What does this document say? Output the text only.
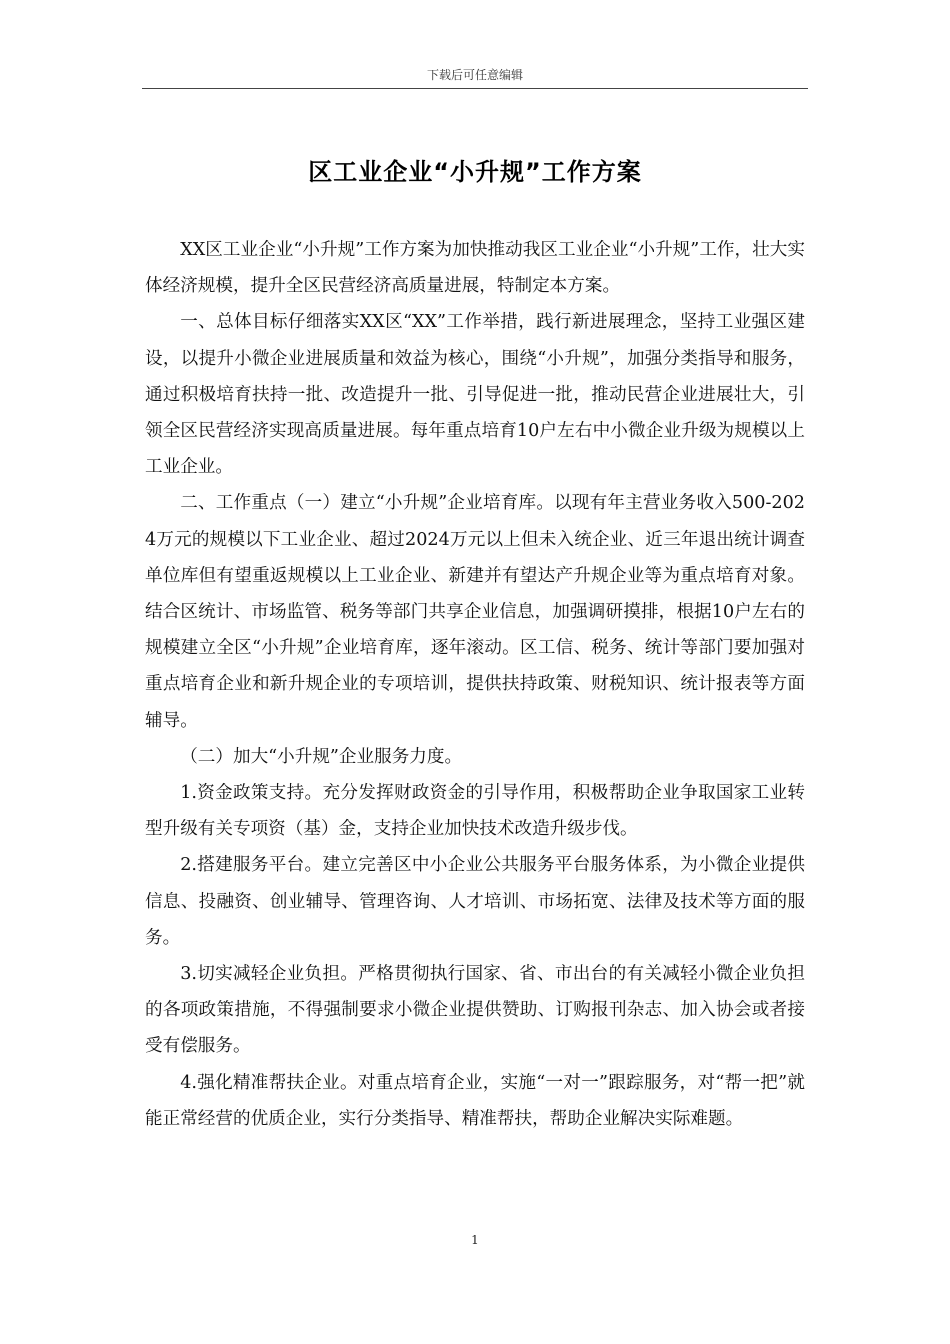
下载后可任意编辑
区工业企业“小升规”工作方案

XX区工业企业“小升规”工作方案为加快推动我区工业企业“小升规”工作，壮大实体经济规模，提升全区民营经济高质量进展，特制定本方案。

一、总体目标仔细落实XX区“XX”工作举措，践行新进展理念，坚持工业强区建设，以提升小微企业进展质量和效益为核心，围绕“小升规”，加强分类指导和服务，通过积极培育扶持一批、改造提升一批、引导促进一批，推动民营企业进展壮大，引领全区民营经济实现高质量进展。每年重点培育10户左右中小微企业升级为规模以上工业企业。

二、工作重点（一）建立“小升规”企业培育库。以现有年主营业务收入500-2024万元的规模以下工业企业、超过2024万元以上但未入统企业、近三年退出统计调查单位库但有望重返规模以上工业企业、新建并有望达产升规企业等为重点培育对象。结合区统计、市场监管、税务等部门共享企业信息，加强调研摸排，根据10户左右的规模建立全区“小升规”企业培育库，逐年滚动。区工信、税务、统计等部门要加强对重点培育企业和新升规企业的专项培训，提供扶持政策、财税知识、统计报表等方面辅导。

（二）加大“小升规”企业服务力度。

1.资金政策支持。充分发挥财政资金的引导作用，积极帮助企业争取国家工业转型升级有关专项资（基）金，支持企业加快技术改造升级步伐。

2.搭建服务平台。建立完善区中小企业公共服务平台服务体系，为小微企业提供信息、投融资、创业辅导、管理咨询、人才培训、市场拓宽、法律及技术等方面的服务。

3.切实减轻企业负担。严格贯彻执行国家、省、市出台的有关减轻小微企业负担的各项政策措施，不得强制要求小微企业提供赞助、订购报刊杂志、加入协会或者接受有偿服务。

4.强化精准帮扶企业。对重点培育企业，实施“一对一”跟踪服务，对“帮一把”就能正常经营的优质企业，实行分类指导、精准帮扶，帮助企业解决实际难题。

1
